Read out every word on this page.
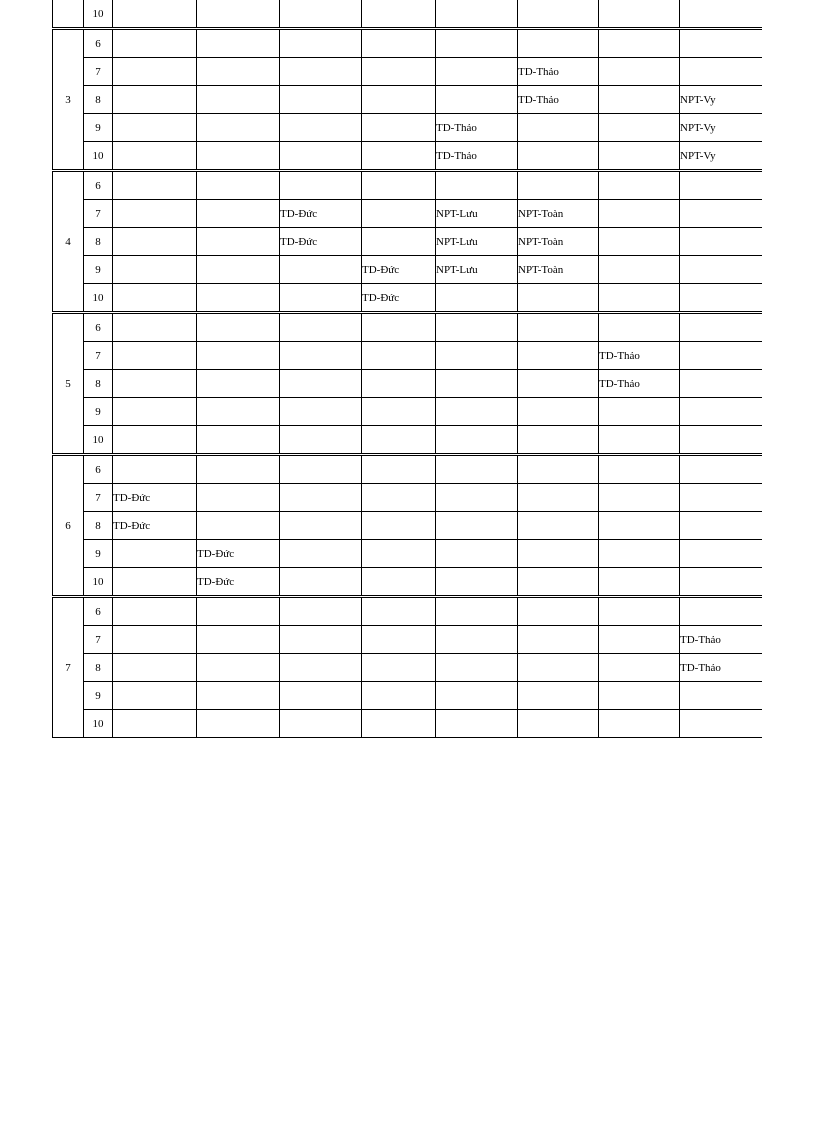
	10								
3	6								
	7						TD-Thảo		
	8						TD-Thảo		NPT-Vy
	9					TD-Thảo			NPT-Vy
	10					TD-Thảo			NPT-Vy
4	6								
	7			TD-Đức		NPT-Lưu	NPT-Toàn		
	8			TD-Đức		NPT-Lưu	NPT-Toàn		
	9				TD-Đức	NPT-Lưu	NPT-Toàn		
	10				TD-Đức				
5	6								
	7							TD-Thảo	
	8							TD-Thảo	
	9								
	10								
6	6								
	7	TD-Đức							
	8	TD-Đức							
	9		TD-Đức						
	10		TD-Đức						
7	6								
	7								TD-Thảo
	8								TD-Thảo
	9								
	10								
